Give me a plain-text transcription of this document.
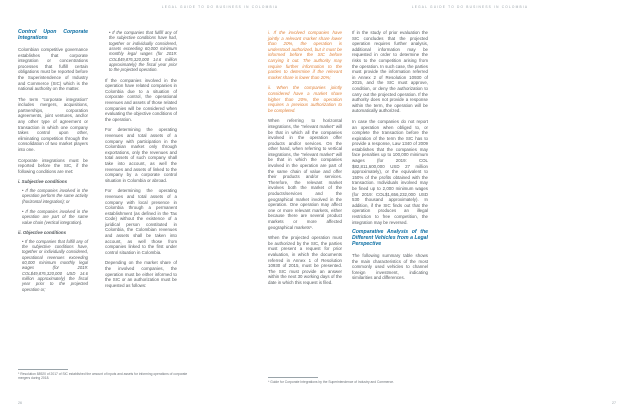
LEGAL GUIDE TO DO BUSINESS IN COLOMBIA	LEGAL GUIDE TO DO BUSINESS IN COLOMBIA
Control Upon Corporate Integrations

Colombian competitive governance establishes that corporate integration or concentrations processes that fulfill certain obligations must be reported before the Superintendence of Industry and Commerce (SIC) which is the national authority on the matter.

The term “corporate integration” includes mergers, acquisitions, partnerships, corporation agreements, joint ventures, and/or any other type of agreement or transaction in which one company takes control upon other, eliminating competition through the consolidation of two market players into one.

Corporate integrations must be reported before the SIC, if the following conditions are met:

i. Subjective conditions

• If the companies involved in the operation perform the same activity (horizontal integration); or

• If the companies involved in the operation are part of the same value chain (vertical integration).

ii. Objective conditions

• If the companies that fulfill any of the subjective conditions have, together or individually considered, operational revenues exceeding 60,000 minimum monthly legal wages (for 2019: COL$49,876,320,000 USD 14.6 million approximately) the fiscal year prior to the projected operation or;

• If the companies that fulfill any of the subjective conditions have had, together or individually considered, assets exceeding 60,000 minimum monthly legal wages (for 2019: COL$49,876,320,000 14.6 million approximately) the fiscal year prior to the projected operation.

If the companies involved in the operation have related companies in Colombia due to a situation of corporate control, the operational revenues and assets of those related companies will be considered when evaluating the objective conditions of the operation.

For determining the operating revenues and total assets of a company with participation in the Colombian market only through exportations, only the revenues and total assets of such company shall take into account, as well the revenues and assets of linked to the company by a corporate control situation in Colombia or abroad.

For determining the operating revenues and total assets of a company with local presence in Colombia through a permanent establishment (as defined in the Tax Code) without the existence of a juridical person constituted in Colombia, the Colombian revenues and assets shall be taken into account, as well those from companies linked to the first under control situation in Colombia.

Depending on the market share of the involved companies, the operation must be either informed to the SIC or an authorization must be requested as follows:

i. If the involved companies have jointly a relevant market share lower than 20%, the operation is understood authorized, but it must be informed before the SIC before carrying it out. The authority may require further information to the parties to determine if the relevant market share is lower than 20%;

ii. When the companies jointly considered have a market share higher than 20%, the operation requires a previous authorization to be completed.

When referring to horizontal integrations, the “relevant market” will be that in which all the companies involved in the operation offer products and/or services. On the other hand, when referring to vertical integrations, the “relevant market” will be that in which the companies involved in the operation are part of the same chain of value and offer their products and/or services. Therefore, the relevant market involves both the market of the products/services and the geographical market involved in the operation. One operation may affect one or more relevant markets, either because there are several product markets or more affected geographical markets⁶.

When the projected operation must be authorized by the SIC, the parties must present a request for prior evaluation, in which the documents referred in Annex 1 of Resolution 10930 of 2015, must be presented. The SIC must provide an answer within the next 30 working days of the date in which this request is filed.

If in the study of prior evaluation the SIC concludes that the projected operation requires further analysis, additional information may be requested in order to determine the risks to the competition arising from the operation. In such case, the parties must provide the information referred in Annex 2 of Resolution 10930 of 2015, and the SIC must approve, condition, or deny the authorization to carry out the projected operation. If the authority does not provide a response within the term, the operation will be automatically authorized.

In case the companies do not report an operation when obliged to, or complete the transaction before the expiration of the term the SIC has to provide a response, Law 1340 of 2009 establishes that the companies may face penalties up to 100,000 minimum wages (for 2019: COL $82,811,600,000 USD 27 million approximately), or the equivalent to 150% of the profits obtained with the transaction. Individuals involved may be fined up to 2,000 minimum wages (for 2019: COL$1,656,232,000 USD 530 thousand approximately). In addition, if the SIC finds out that the operation produces an illegal restriction to free competition, the integration may be reversed.

Comparative Analysis of the Different Vehicles from a Legal Perspective

The following summary table shows the main characteristics of the most commonly used vehicles to channel foreign investment, indicating similarities and differences.

⁵ Resolution 88920 of 2017 of SIC established the amount of inputs and assets for informing operations of corporate mergers during 2018.
⁶ Guide for Corporate Integrations by the Superintendence of Industry and Commerce.
26	27
